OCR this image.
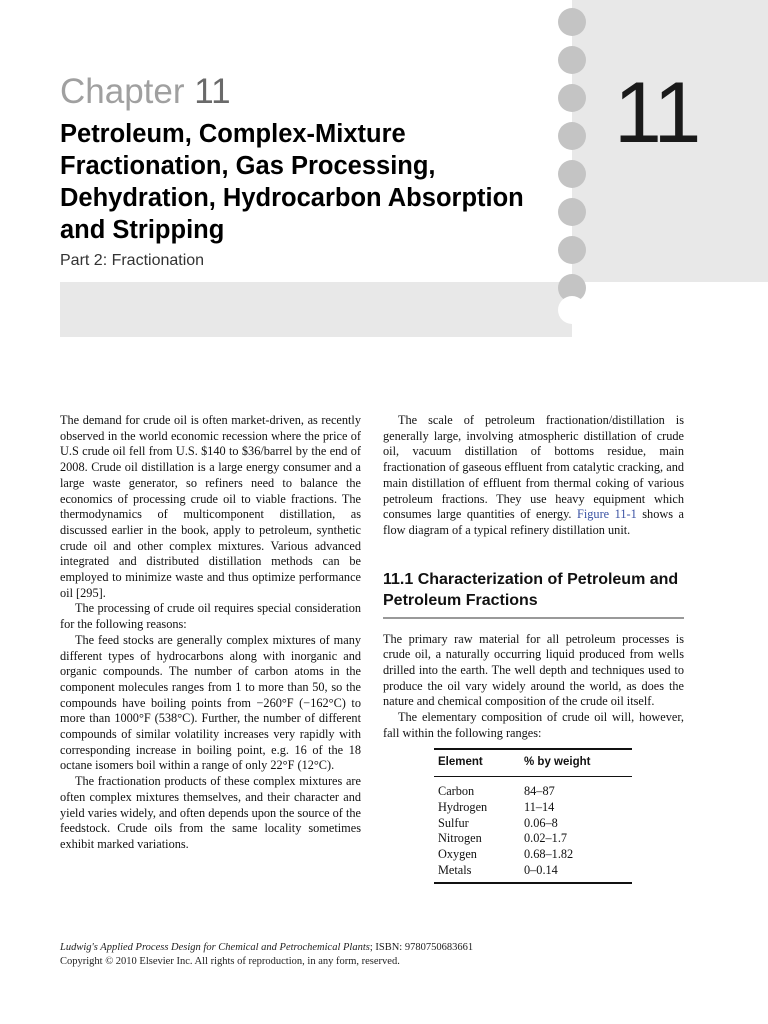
11
Chapter 11
Petroleum, Complex-Mixture Fractionation, Gas Processing, Dehydration, Hydrocarbon Absorption and Stripping
Part 2: Fractionation

The demand for crude oil is often market-driven, as recently observed in the world economic recession where the price of U.S crude oil fell from U.S. $140 to $36/barrel by the end of 2008. Crude oil distillation is a large energy consumer and a large waste generator, so refiners need to balance the economics of processing crude oil to viable fractions. The thermodynamics of multicomponent distillation, as discussed earlier in the book, apply to petroleum, synthetic crude oil and other complex mixtures. Various advanced integrated and distributed distillation methods can be employed to minimize waste and thus optimize performance oil [295].

The processing of crude oil requires special consideration for the following reasons:

The feed stocks are generally complex mixtures of many different types of hydrocarbons along with inorganic and organic compounds. The number of carbon atoms in the component molecules ranges from 1 to more than 50, so the compounds have boiling points from −260°F (−162°C) to more than 1000°F (538°C). Further, the number of different compounds of similar volatility increases very rapidly with corresponding increase in boiling point, e.g. 16 of the 18 octane isomers boil within a range of only 22°F (12°C).

The fractionation products of these complex mixtures are often complex mixtures themselves, and their character and yield varies widely, and often depends upon the source of the feedstock. Crude oils from the same locality sometimes exhibit marked variations.

The scale of petroleum fractionation/distillation is generally large, involving atmospheric distillation of crude oil, vacuum distillation of bottoms residue, main fractionation of gaseous effluent from catalytic cracking, and main distillation of effluent from thermal coking of various petroleum fractions. They use heavy equipment which consumes large quantities of energy. Figure 11-1 shows a flow diagram of a typical refinery distillation unit.

11.1 Characterization of Petroleum and Petroleum Fractions

The primary raw material for all petroleum processes is crude oil, a naturally occurring liquid produced from wells drilled into the earth. The well depth and techniques used to produce the oil vary widely around the world, as does the nature and chemical composition of the crude oil itself.

The elementary composition of crude oil will, however, fall within the following ranges:

Element	% by weight
Carbon	84–87
Hydrogen	11–14
Sulfur	0.06–8
Nitrogen	0.02–1.7
Oxygen	0.68–1.82
Metals	0–0.14
Ludwig's Applied Process Design for Chemical and Petrochemical Plants; ISBN: 9780750683661
Copyright © 2010 Elsevier Inc. All rights of reproduction, in any form, reserved.
